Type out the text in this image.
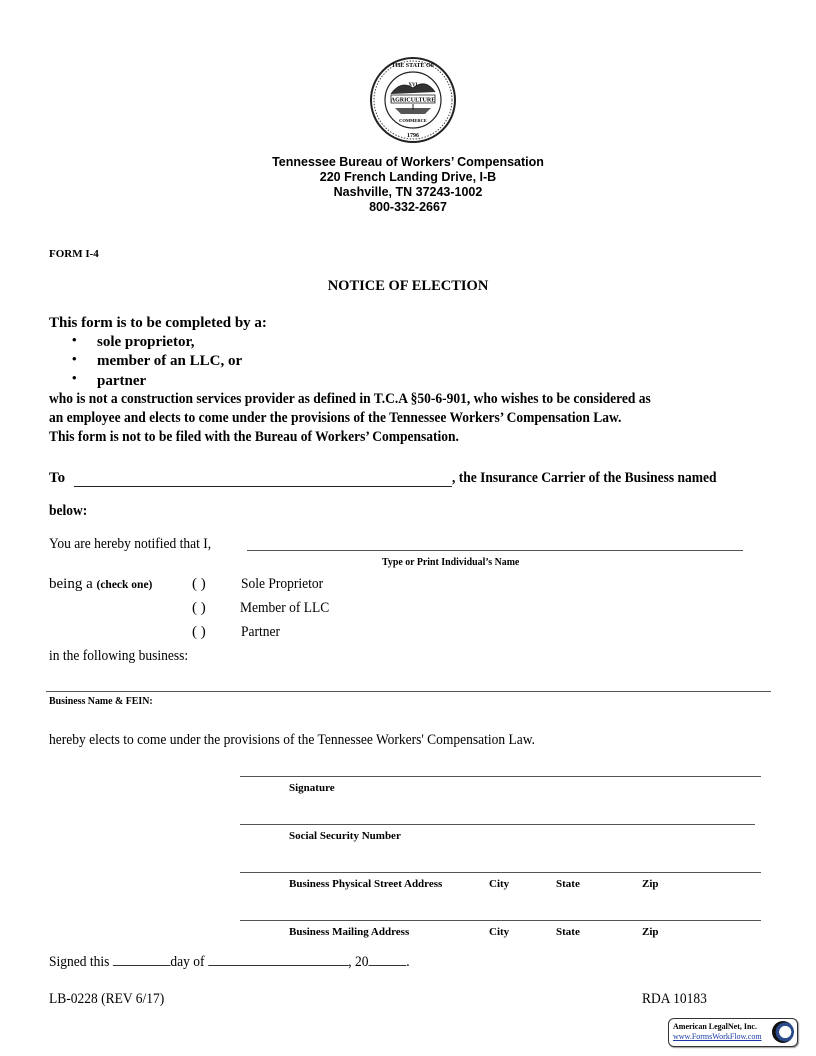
AGRICULTURE
XVI
COMMERCE
1796
THE STATE OF
Tennessee Bureau of Workers’ Compensation
220 French Landing Drive, I-B
Nashville, TN 37243-1002
800-332-2667
FORM I-4
NOTICE OF ELECTION
This form is to be completed by a:
• sole proprietor,
• member of an LLC, or
• partner
who is not a construction services provider as defined in T.C.A §50-6-901, who wishes to be considered as
an employee and elects to come under the provisions of the Tennessee Workers’ Compensation Law.
This form is not to be filed with the Bureau of Workers’ Compensation.
To	, the Insurance Carrier of the Business named
below:
You are hereby notified that I,
Type or Print Individual’s Name
being a (check one)	( ) Sole Proprietor
( ) Member of LLC
( ) Partner
in the following business:
Business Name & FEIN:
hereby elects to come under the provisions of the Tennessee Workers' Compensation Law.
Signature
Social Security Number
Business Physical Street Address	City	State	Zip
Business Mailing Address	City	State	Zip
Signed this	day of	, 20	.
LB-0228 (REV 6/17)	RDA 10183
American LegalNet, Inc.
www.FormsWorkFlow.com
